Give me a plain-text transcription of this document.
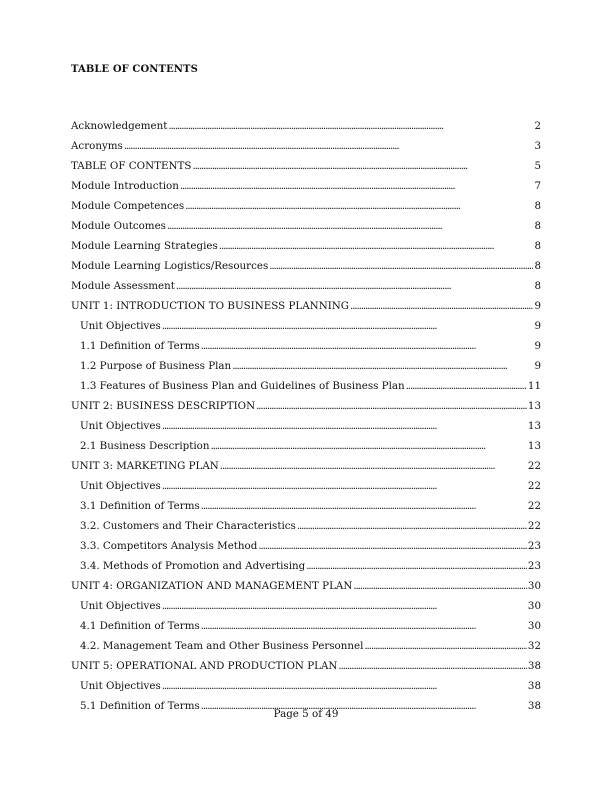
TABLE OF CONTENTS
Acknowledgement . . .	2
Acronyms . . .	3
TABLE OF CONTENTS . . .	5
Module Introduction . . .	7
Module Competences . . .	8
Module Outcomes . . .	8
Module Learning Strategies . . .	8
Module Learning Logistics/Resources . . .	8
Module Assessment . . .	8
UNIT 1: INTRODUCTION TO BUSINESS PLANNING . . .	9
Unit Objectives . . .	9
1.1 Definition of Terms . . .	9
1.2 Purpose of Business Plan . . .	9
1.3 Features of Business Plan and Guidelines of Business Plan . . .	11
UNIT 2: BUSINESS DESCRIPTION . . .	13
Unit Objectives . . .	13
2.1 Business Description . . .	13
UNIT 3: MARKETING PLAN . . .	22
Unit Objectives . . .	22
3.1 Definition of Terms . . .	22
3.2. Customers and Their Characteristics . . .	22
3.3. Competitors Analysis Method . . .	23
3.4. Methods of Promotion and Advertising . . .	23
UNIT 4: ORGANIZATION AND MANAGEMENT PLAN . . .	30
Unit Objectives . . .	30
4.1 Definition of Terms . . .	30
4.2. Management Team and Other Business Personnel . . .	32
UNIT 5: OPERATIONAL AND PRODUCTION PLAN . . .	38
Unit Objectives . . .	38
5.1 Definition of Terms . . .	38
Page 5 of 49
